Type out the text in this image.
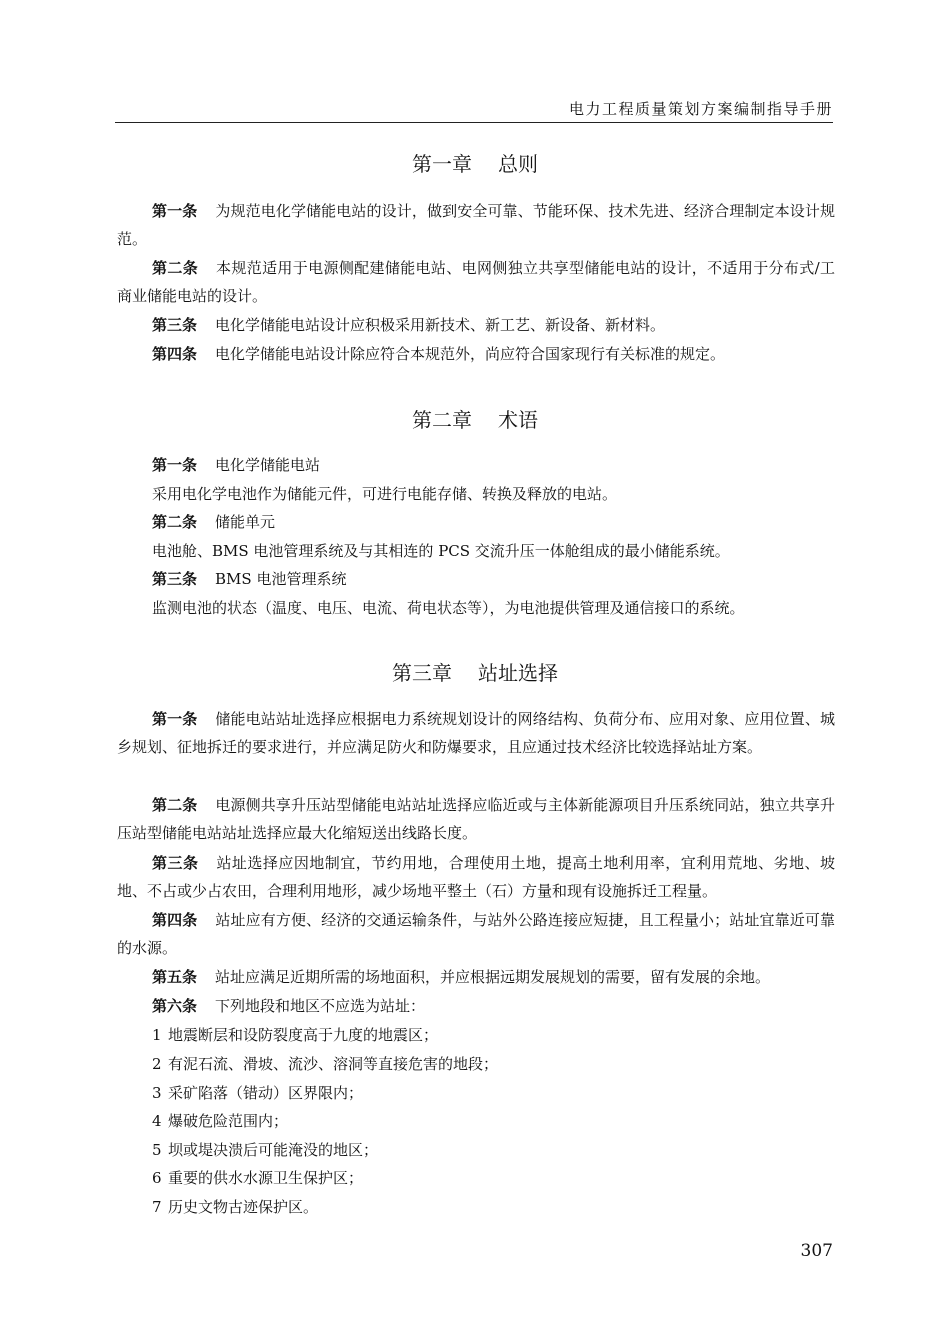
电力工程质量策划方案编制指导手册
第一章 总则
第一条 为规范电化学储能电站的设计，做到安全可靠、节能环保、技术先进、经济合理制定本设计规范。
第二条 本规范适用于电源侧配建储能电站、电网侧独立共享型储能电站的设计，不适用于分布式/工商业储能电站的设计。
第三条 电化学储能电站设计应积极采用新技术、新工艺、新设备、新材料。
第四条 电化学储能电站设计除应符合本规范外，尚应符合国家现行有关标准的规定。
第二章 术语
第一条 电化学储能电站
采用电化学电池作为储能元件，可进行电能存储、转换及释放的电站。
第二条 储能单元
电池舱、BMS 电池管理系统及与其相连的 PCS 交流升压一体舱组成的最小储能系统。
第三条 BMS 电池管理系统
监测电池的状态（温度、电压、电流、荷电状态等），为电池提供管理及通信接口的系统。
第三章 站址选择
第一条 储能电站站址选择应根据电力系统规划设计的网络结构、负荷分布、应用对象、应用位置、城乡规划、征地拆迁的要求进行，并应满足防火和防爆要求，且应通过技术经济比较选择站址方案。
第二条 电源侧共享升压站型储能电站站址选择应临近或与主体新能源项目升压系统同站，独立共享升压站型储能电站站址选择应最大化缩短送出线路长度。
第三条 站址选择应因地制宜，节约用地，合理使用土地，提高土地利用率，宜利用荒地、劣地、坡地、不占或少占农田，合理利用地形，减少场地平整土（石）方量和现有设施拆迁工程量。
第四条 站址应有方便、经济的交通运输条件，与站外公路连接应短捷，且工程量小；站址宜靠近可靠的水源。
第五条 站址应满足近期所需的场地面积，并应根据远期发展规划的需要，留有发展的余地。
第六条 下列地段和地区不应选为站址：
1 地震断层和设防裂度高于九度的地震区；
2 有泥石流、滑坡、流沙、溶洞等直接危害的地段；
3 采矿陷落（错动）区界限内；
4 爆破危险范围内；
5 坝或堤决溃后可能淹没的地区；
6 重要的供水水源卫生保护区；
7 历史文物古迹保护区。
307
